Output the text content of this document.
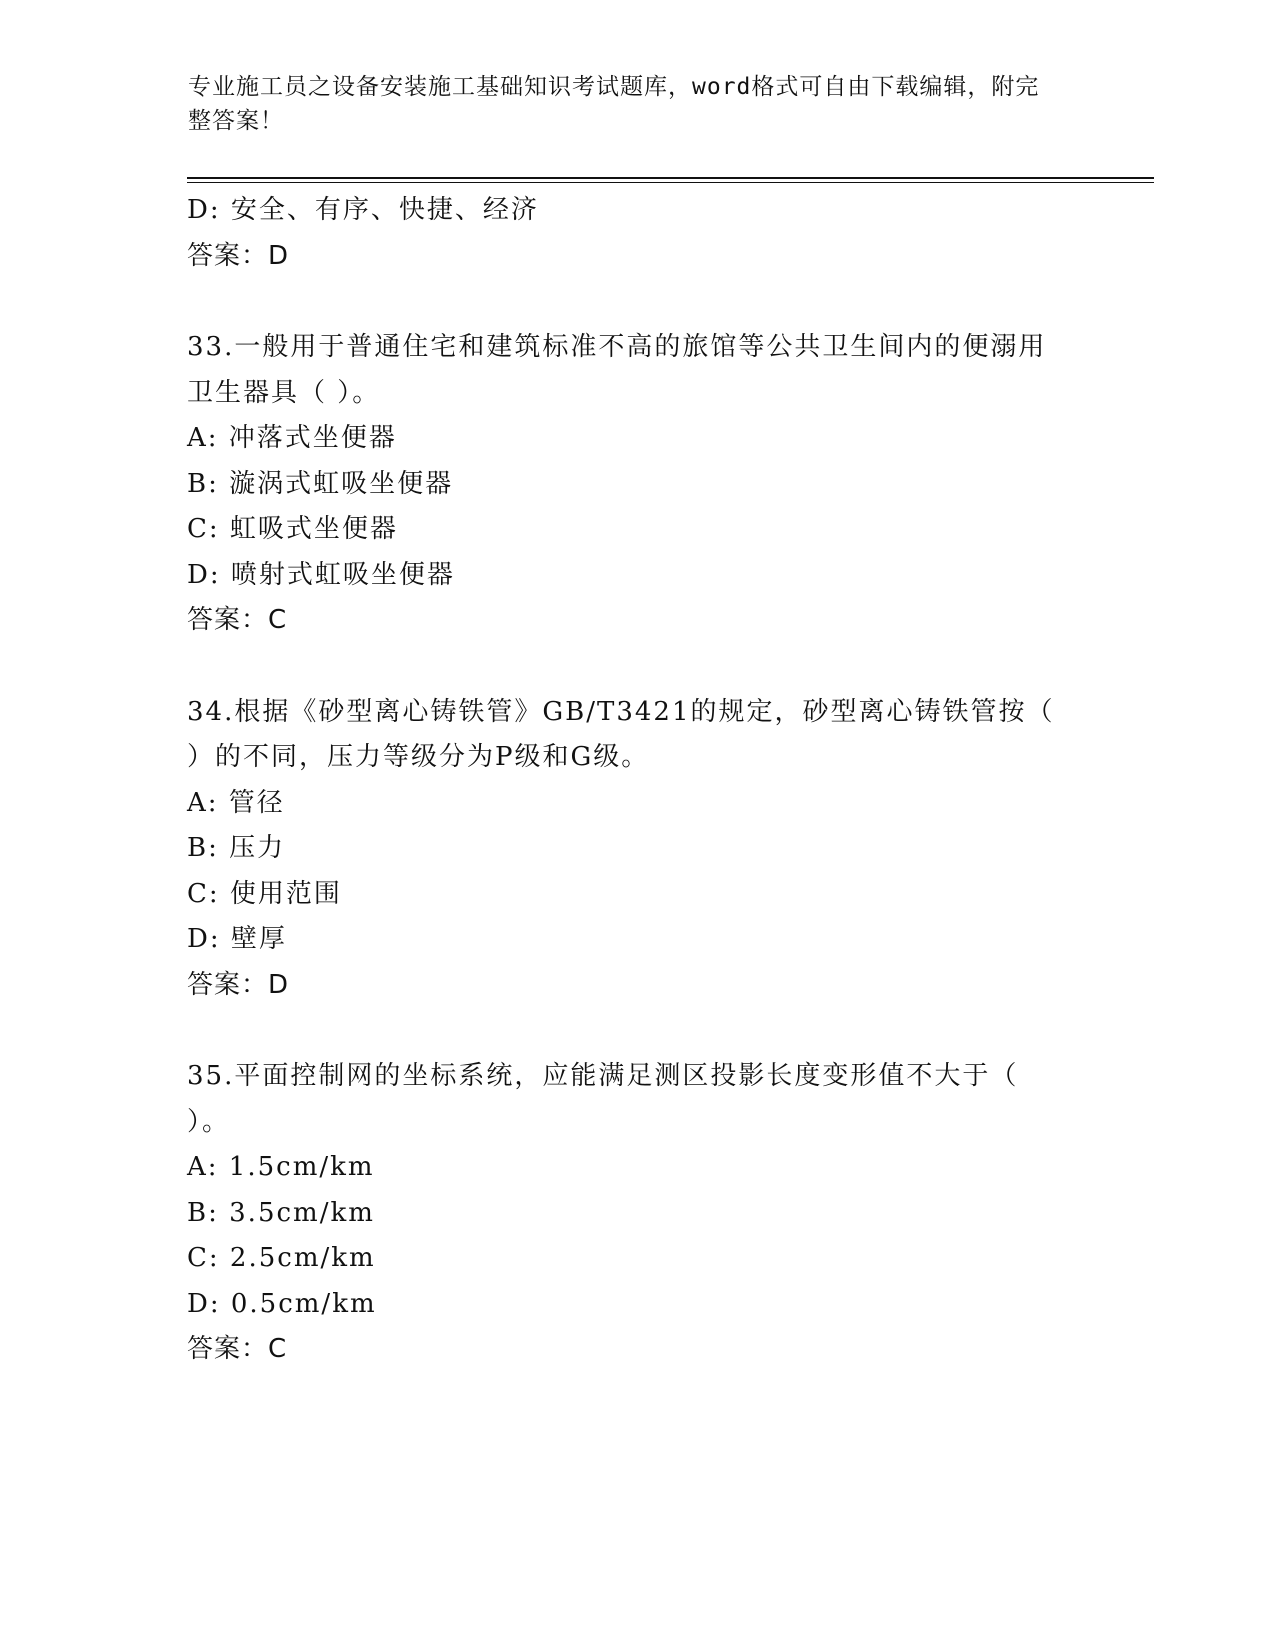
专业施工员之设备安装施工基础知识考试题库，word格式可自由下载编辑，附完
整答案！
D: 安全、有序、快捷、经济
答案：D
33.一般用于普通住宅和建筑标准不高的旅馆等公共卫生间内的便溺用
卫生器具（ ）。
A: 冲落式坐便器
B: 漩涡式虹吸坐便器
C: 虹吸式坐便器
D: 喷射式虹吸坐便器
答案：C
34.根据《砂型离心铸铁管》GB/T3421的规定，砂型离心铸铁管按（
）的不同，压力等级分为P级和G级。
A: 管径
B: 压力
C: 使用范围
D: 壁厚
答案：D
35.平面控制网的坐标系统，应能满足测区投影长度变形值不大于（
）。
A: 1.5cm/km
B: 3.5cm/km
C: 2.5cm/km
D: 0.5cm/km
答案：C
